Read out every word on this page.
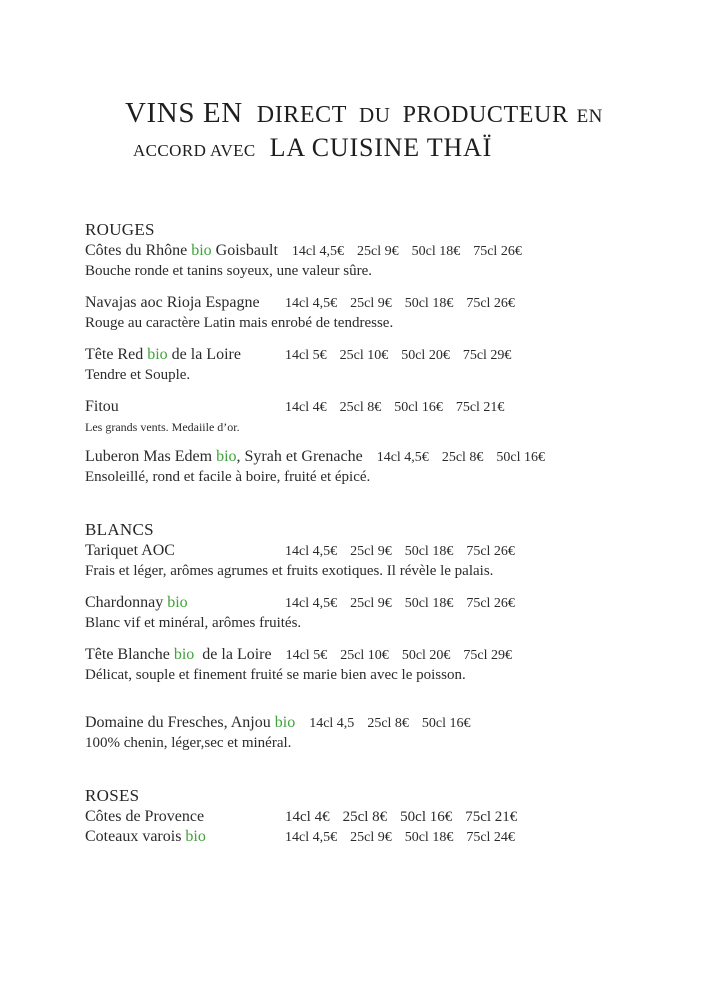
VINS EN DIRECT DU PRODUCTEUR EN
ACCORD AVEC LA CUISINE THAÏ
ROUGES
Côtes du Rhône bio Goisbault 14cl 4,5€ 25cl 9€ 50cl 18€ 75cl 26€
Bouche ronde et tanins soyeux, une valeur sûre.
Navajas aoc Rioja Espagne	14cl 4,5€ 25cl 9€ 50cl 18€ 75cl 26€
Rouge au caractère Latin mais enrobé de tendresse.
Tête Red bio de la Loire	14cl 5€ 25cl 10€ 50cl 20€ 75cl 29€
Tendre et Souple.
Fitou	14cl 4€ 25cl 8€ 50cl 16€ 75cl 21€
Les grands vents. Medaiile d’or.
Luberon Mas Edem bio, Syrah et Grenache 14cl 4,5€ 25cl 8€ 50cl 16€
Ensoleillé, rond et facile à boire, fruité et épicé.
BLANCS
Tariquet AOC	14cl 4,5€ 25cl 9€ 50cl 18€ 75cl 26€
Frais et léger, arômes agrumes et fruits exotiques. Il révèle le palais.
Chardonnay bio	14cl 4,5€ 25cl 9€ 50cl 18€ 75cl 26€
Blanc vif et minéral, arômes fruités.
Tête Blanche bio  de la Loire 14cl 5€ 25cl 10€ 50cl 20€ 75cl 29€
Délicat, souple et finement fruité se marie bien avec le poisson.
Domaine du Fresches, Anjou bio 14cl 4,5 25cl 8€ 50cl 16€
100% chenin, léger,sec et minéral.
ROSES
Côtes de Provence	14cl 4€ 25cl 8€ 50cl 16€ 75cl 21€
Coteaux varois bio	14cl 4,5€ 25cl 9€ 50cl 18€ 75cl 24€
